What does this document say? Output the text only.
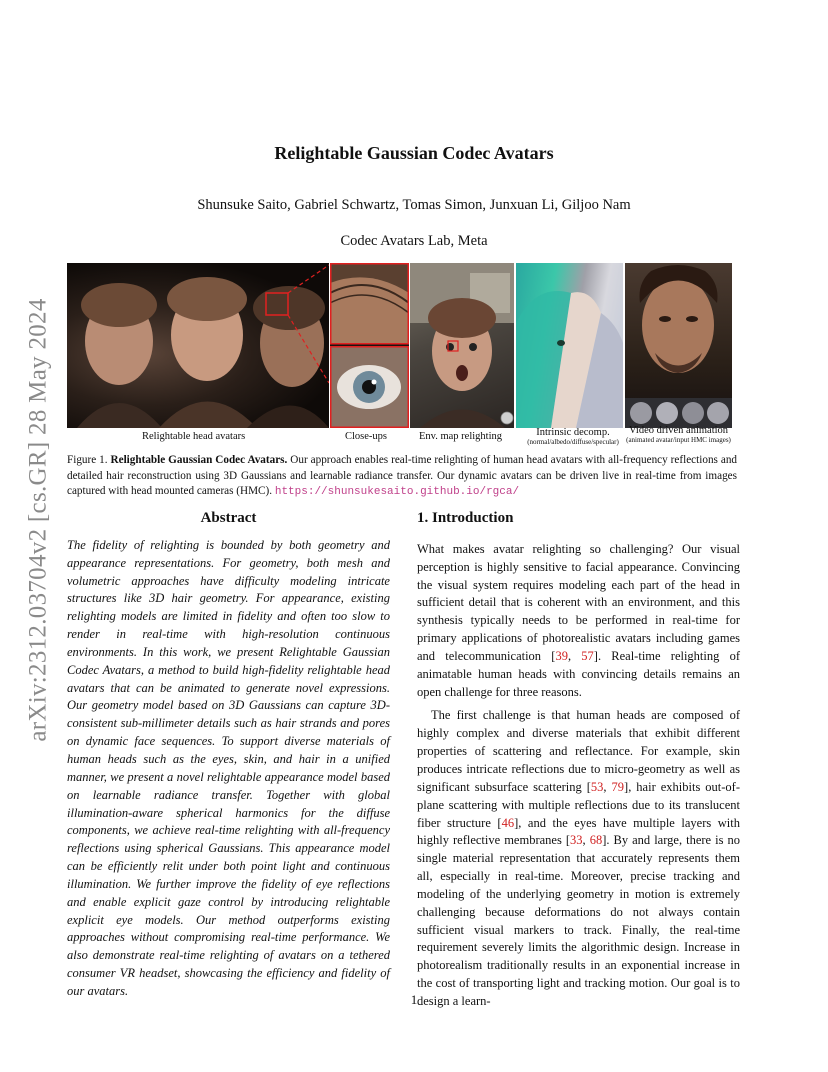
arXiv:2312.03704v2 [cs.GR] 28 May 2024
Relightable Gaussian Codec Avatars
Shunsuke Saito, Gabriel Schwartz, Tomas Simon, Junxuan Li, Giljoo Nam
Codec Avatars Lab, Meta
Relightable head avatars	Close-ups	Env. map relighting	Intrinsic decomp.
(normal/albedo/diffuse/specular)
Video driven animation
(animated avatar/input HMC images)
Figure 1. Relightable Gaussian Codec Avatars. Our approach enables real-time relighting of human head avatars with all-frequency reflections and detailed hair reconstruction using 3D Gaussians and learnable radiance transfer. Our dynamic avatars can be driven live in real-time from images captured with head mounted cameras (HMC). https://shunsukesaito.github.io/rgca/
Abstract

The fidelity of relighting is bounded by both geometry and appearance representations. For geometry, both mesh and volumetric approaches have difficulty modeling intricate structures like 3D hair geometry. For appearance, existing relighting models are limited in fidelity and often too slow to render in real-time with high-resolution continuous environments. In this work, we present Relightable Gaussian Codec Avatars, a method to build high-fidelity relightable head avatars that can be animated to generate novel expressions. Our geometry model based on 3D Gaussians can capture 3D-consistent sub-millimeter details such as hair strands and pores on dynamic face sequences. To support diverse materials of human heads such as the eyes, skin, and hair in a unified manner, we present a novel relightable appearance model based on learnable radiance transfer. Together with global illumination-aware spherical harmonics for the diffuse components, we achieve real-time relighting with all-frequency reflections using spherical Gaussians. This appearance model can be efficiently relit under both point light and continuous illumination. We further improve the fidelity of eye reflections and enable explicit gaze control by introducing relightable explicit eye models. Our method outperforms existing approaches without compromising real-time performance. We also demonstrate real-time relighting of avatars on a tethered consumer VR headset, showcasing the efficiency and fidelity of our avatars.

1. Introduction

What makes avatar relighting so challenging? Our visual perception is highly sensitive to facial appearance. Convincing the visual system requires modeling each part of the head in sufficient detail that is coherent with an environment, and this synthesis typically needs to be performed in real-time for primary applications of photorealistic avatars including games and telecommunication [39, 57]. Real-time relighting of animatable human heads with convincing details remains an open challenge for three reasons.

The first challenge is that human heads are composed of highly complex and diverse materials that exhibit different properties of scattering and reflectance. For example, skin produces intricate reflections due to micro-geometry as well as significant subsurface scattering [53, 79], hair exhibits out-of-plane scattering with multiple reflections due to its translucent fiber structure [46], and the eyes have multiple layers with highly reflective membranes [33, 68]. By and large, there is no single material representation that accurately represents them all, especially in real-time. Moreover, precise tracking and modeling of the underlying geometry in motion is extremely challenging because deformations do not always contain sufficient visual markers to track. Finally, the real-time requirement severely limits the algorithmic design. Increase in photorealism traditionally results in an exponential increase in the cost of transporting light and tracking motion. Our goal is to design a learn-

1
